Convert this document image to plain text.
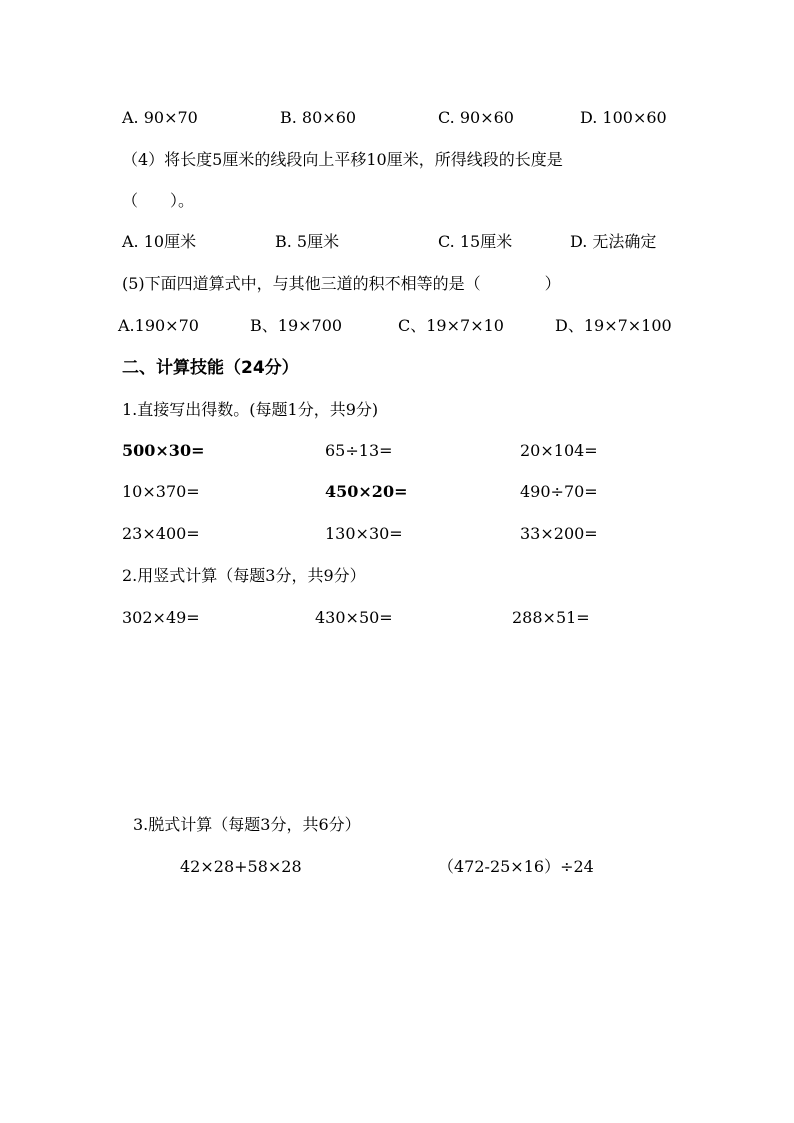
A. 90×70	B. 80×60	C. 90×60	D. 100×60
（4）将长度5厘米的线段向上平移10厘米，所得线段的长度是
（　　）。
A. 10厘米	B. 5厘米	C. 15厘米	D. 无法确定
(5)下面四道算式中，与其他三道的积不相等的是（　　　　）
A.190×70	B、19×700	C、19×7×10	D、19×7×100
二、计算技能（24分）
1.直接写出得数。(每题1分，共9分)
500×30=	65÷13=	20×104=
10×370=	450×20=	490÷70=
23×400=	130×30=	33×200=
2.用竖式计算（每题3分，共9分）
302×49=	430×50=	288×51=
3.脱式计算（每题3分，共6分）
42×28+58×28	（472-25×16）÷24
